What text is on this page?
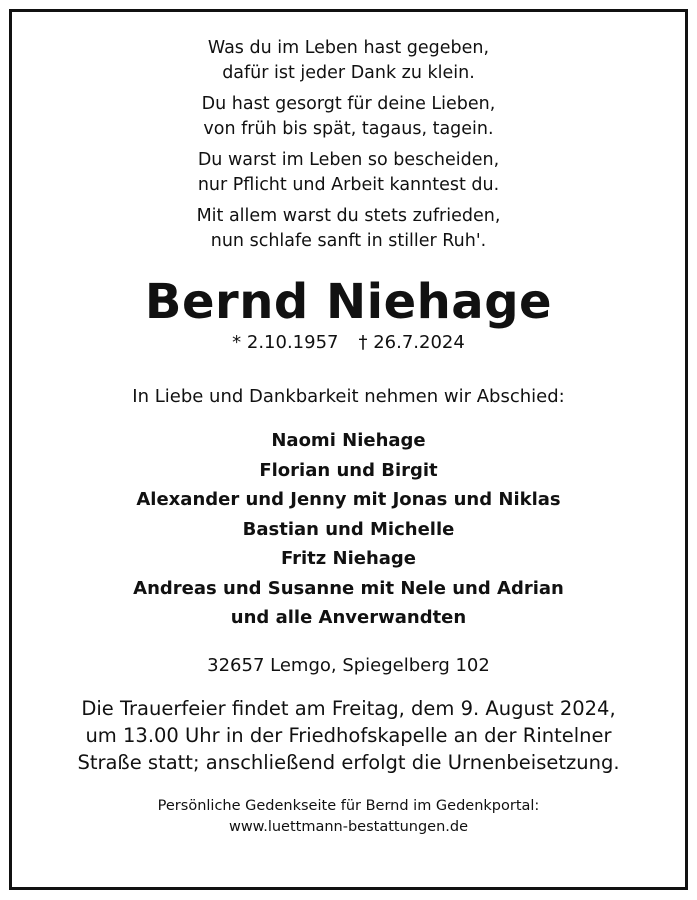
Was du im Leben hast gegeben,
dafür ist jeder Dank zu klein.
Du hast gesorgt für deine Lieben,
von früh bis spät, tagaus, tagein.
Du warst im Leben so bescheiden,
nur Pflicht und Arbeit kanntest du.
Mit allem warst du stets zufrieden,
nun schlafe sanft in stiller Ruh'.
Bernd Niehage
* 2.10.1957 † 26.7.2024
In Liebe und Dankbarkeit nehmen wir Abschied:
Naomi Niehage
Florian und Birgit
Alexander und Jenny mit Jonas und Niklas
Bastian und Michelle
Fritz Niehage
Andreas und Susanne mit Nele und Adrian
und alle Anverwandten
32657 Lemgo, Spiegelberg 102
Die Trauerfeier findet am Freitag, dem 9. August 2024,
um 13.00 Uhr in der Friedhofskapelle an der Rintelner
Straße statt; anschließend erfolgt die Urnenbeisetzung.
Persönliche Gedenkseite für Bernd im Gedenkportal:
www.luettmann-bestattungen.de
